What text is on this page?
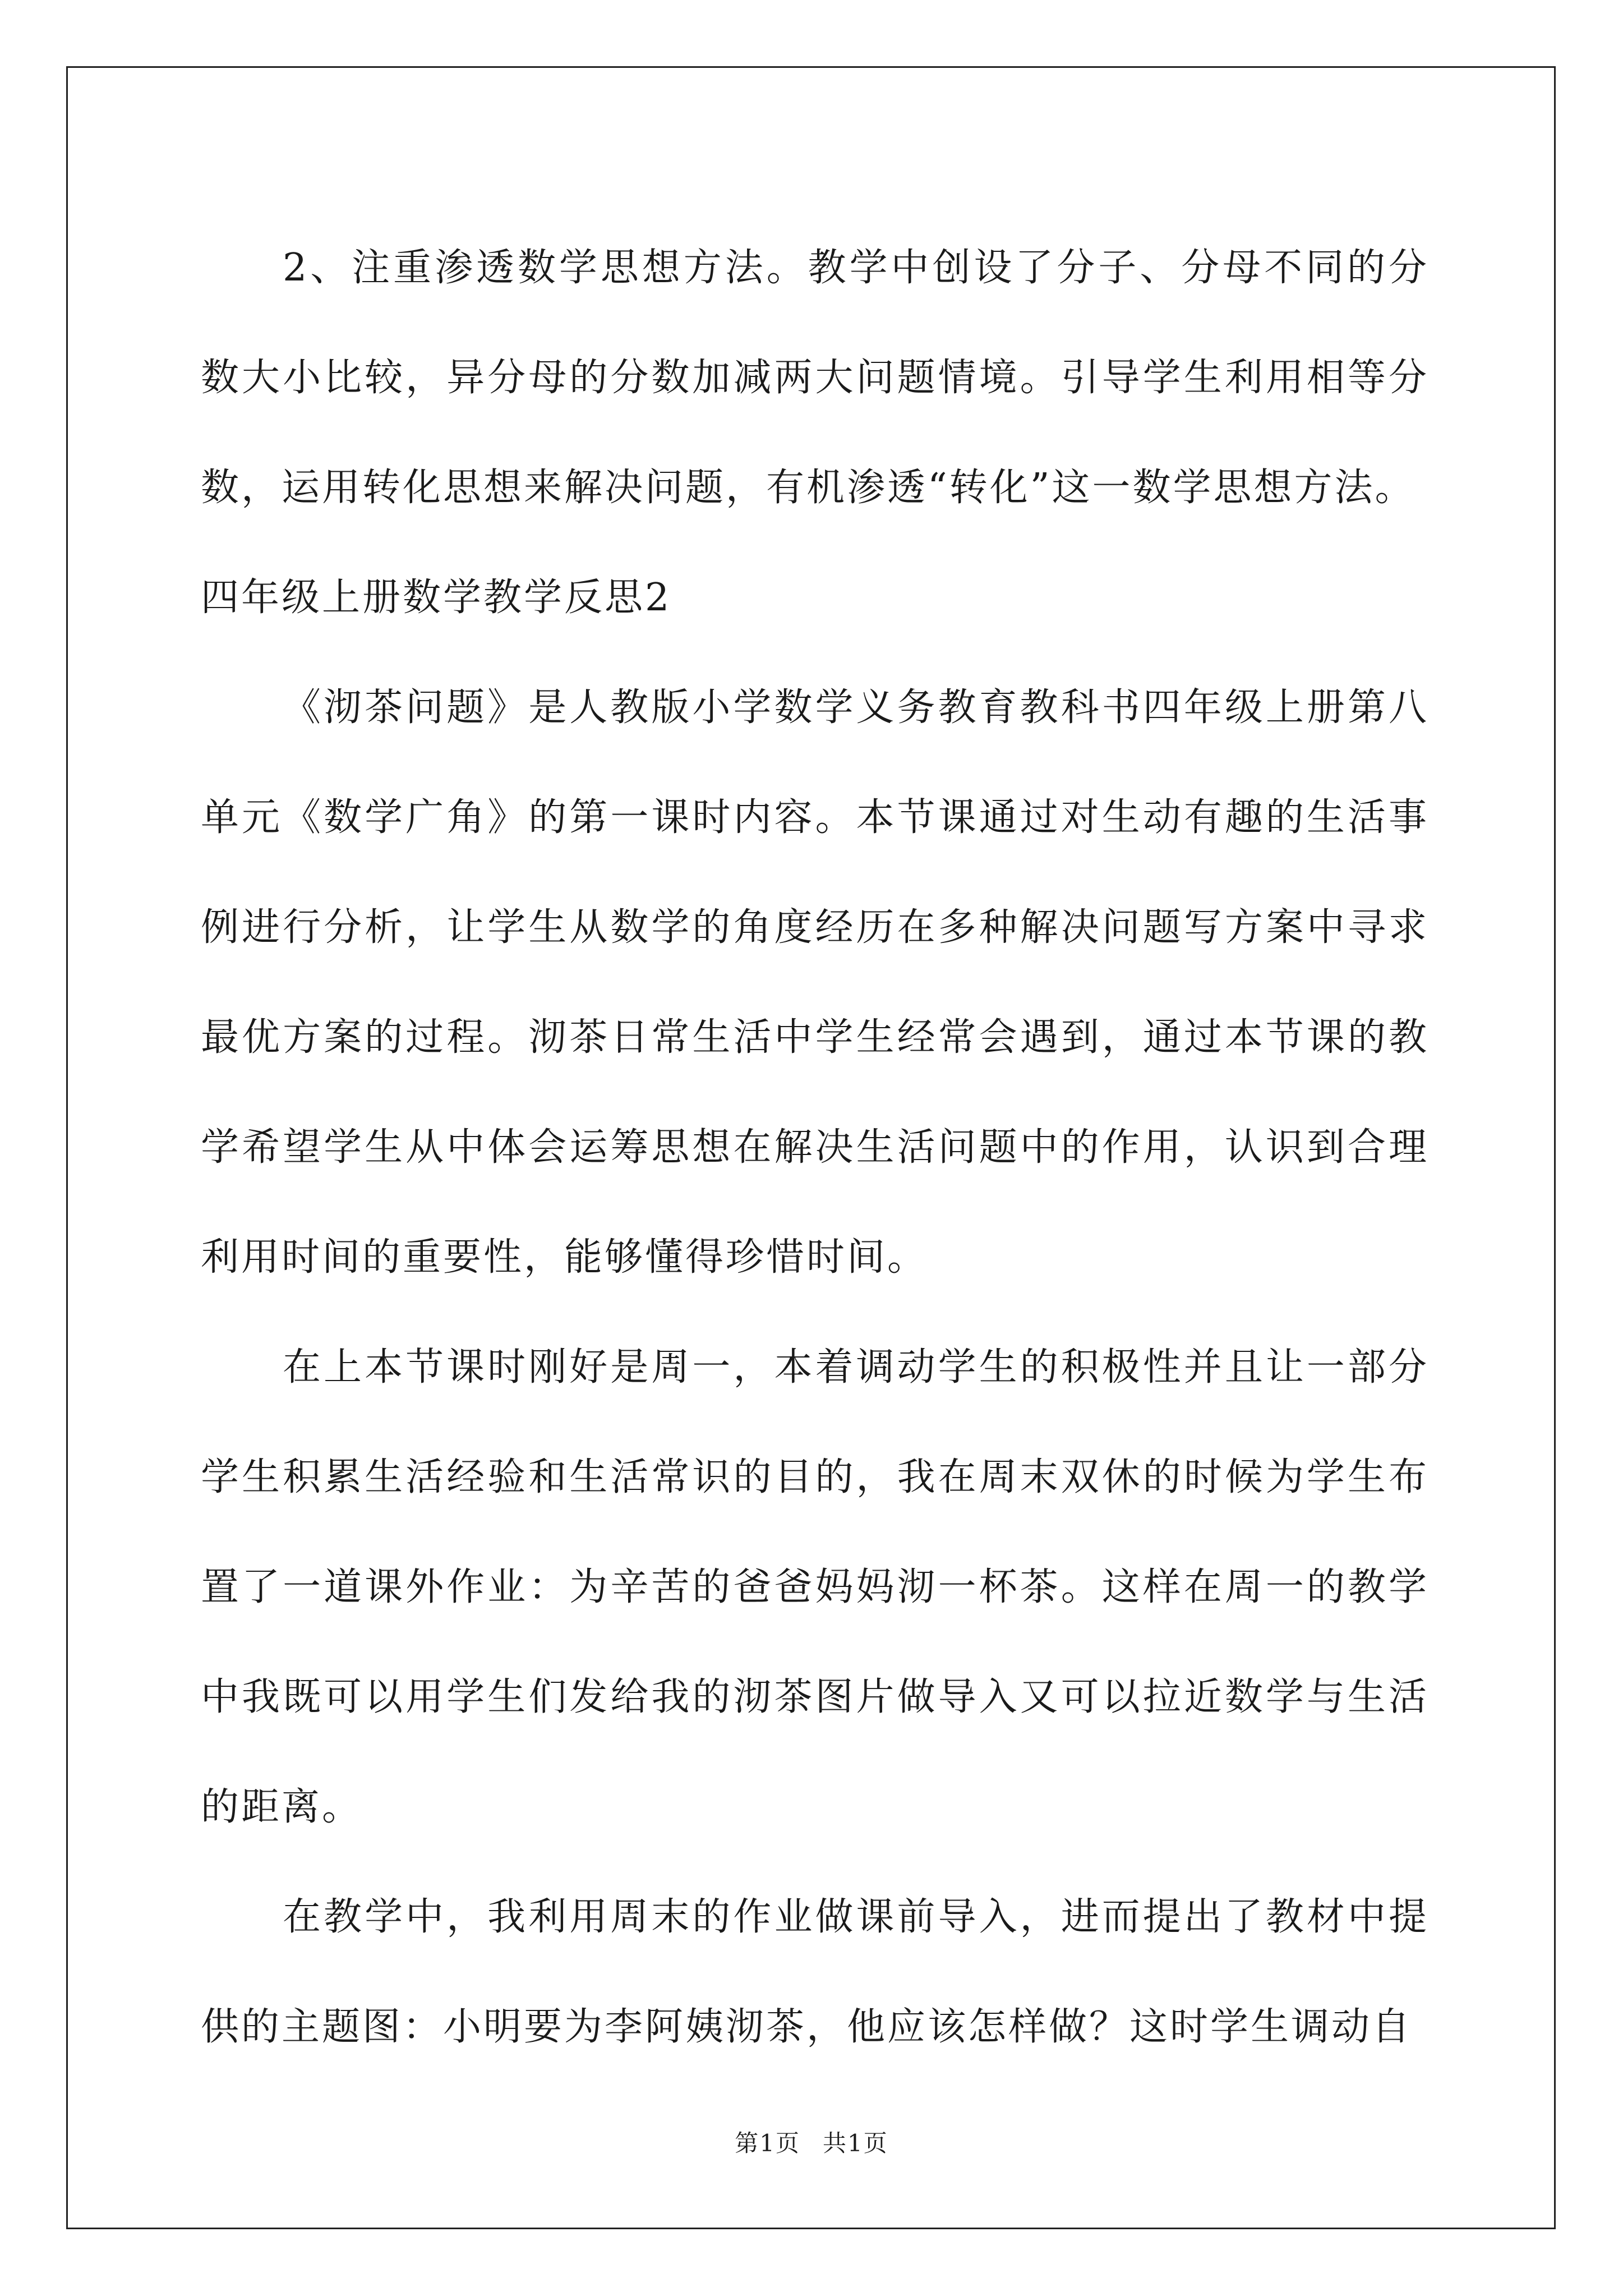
2、注重渗透数学思想方法。教学中创设了分子、分母不同的分数大小比较，异分母的分数加减两大问题情境。引导学生利用相等分数，运用转化思想来解决问题，有机渗透“转化”这一数学思想方法。

四年级上册数学教学反思2

《沏茶问题》是人教版小学数学义务教育教科书四年级上册第八单元《数学广角》的第一课时内容。本节课通过对生动有趣的生活事例进行分析，让学生从数学的角度经历在多种解决问题写方案中寻求最优方案的过程。沏茶日常生活中学生经常会遇到，通过本节课的教学希望学生从中体会运筹思想在解决生活问题中的作用，认识到合理利用时间的重要性，能够懂得珍惜时间。

在上本节课时刚好是周一，本着调动学生的积极性并且让一部分学生积累生活经验和生活常识的目的，我在周末双休的时候为学生布置了一道课外作业：为辛苦的爸爸妈妈沏一杯茶。这样在周一的教学中我既可以用学生们发给我的沏茶图片做导入又可以拉近数学与生活的距离。

在教学中，我利用周末的作业做课前导入，进而提出了教材中提供的主题图：小明要为李阿姨沏茶，他应该怎样做？这时学生调动自

第1页 共1页
